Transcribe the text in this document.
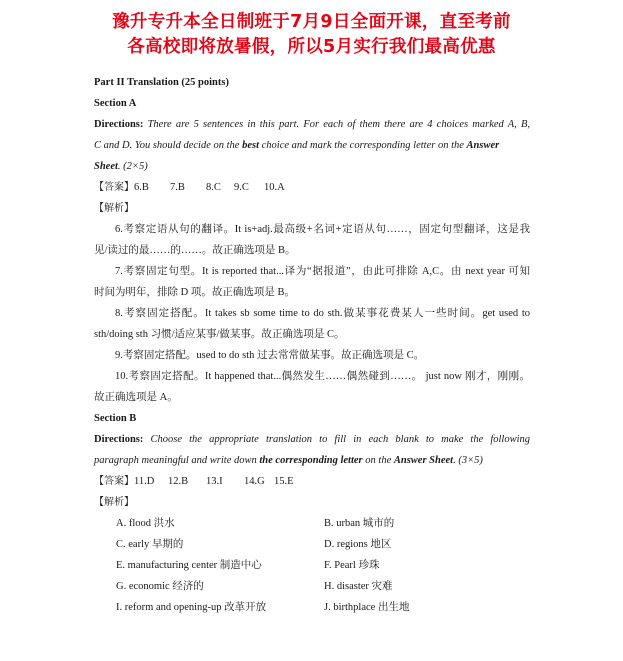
豫升专升本全日制班于7月9日全面开课，直至考前
各高校即将放暑假，所以5月实行我们最高优惠
Part II Translation (25 points)
Section A
Directions: There are 5 sentences in this part. For each of them there are 4 choices marked A, B,
C and D. You should decide on the best choice and mark the corresponding letter on the Answer
Sheet. (2×5)
【答案】6.B 7.B 8.C 9.C 10.A
【解析】
6.考察定语从句的翻译。It is+adj.最高级+名词+定语从句……，固定句型翻译，这是我
见/读过的最……的……。故正确选项是 B。
7.考察固定句型。It is reported that...译为“据报道”，由此可排除 A,C。由 next year 可知
时间为明年，排除 D 项。故正确选项是 B。
8.考察固定搭配。It takes sb some time to do sth.做某事花费某人一些时间。get used to
sth/doing sth 习惯/适应某事/做某事。故正确选项是 C。
9.考察固定搭配。used to do sth 过去常常做某事。故正确选项是 C。
10.考察固定搭配。It happened that...偶然发生……偶然碰到……。 just now 刚才，刚刚。
故正确选项是 A。
Section B
Directions: Choose the appropriate translation to fill in each blank to make the following
paragraph meaningful and write down the corresponding letter on the Answer Sheet. (3×5)
【答案】11.D 12.B 13.I 14.G 15.E
【解析】
A. flood 洪水	B. urban 城市的
C. early 早期的	D. regions 地区
E. manufacturing center 制造中心	F. Pearl 珍珠
G. economic 经济的	H. disaster 灾难
I. reform and opening-up 改革开放	J. birthplace 出生地
